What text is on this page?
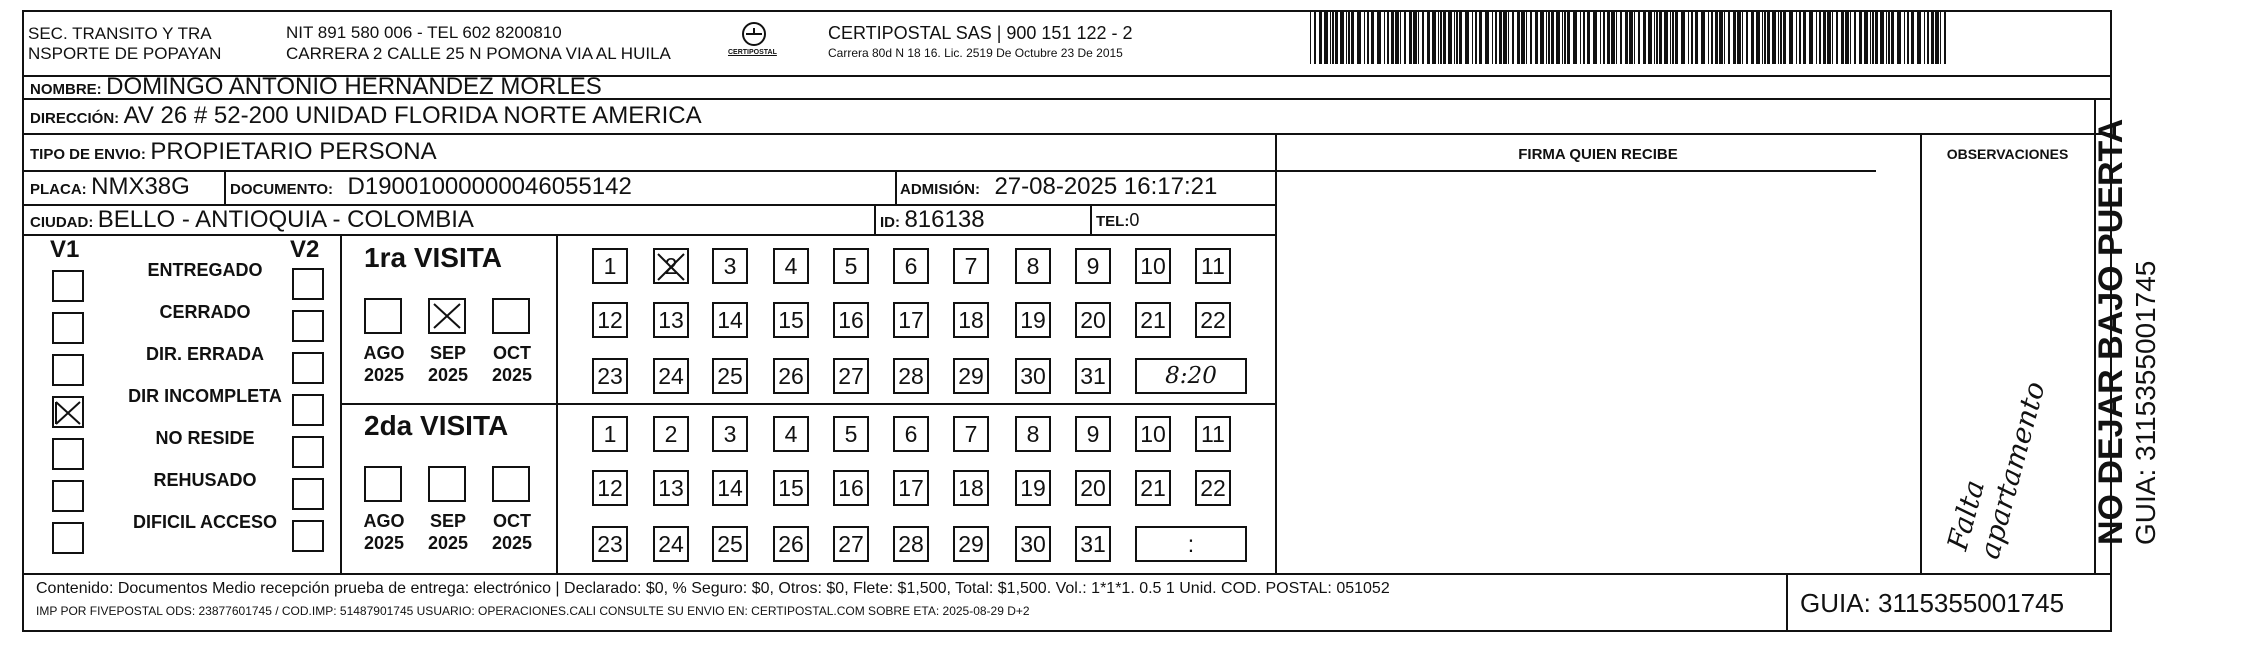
SEC. TRANSITO Y TRA
NSPORTE DE POPAYAN
NIT 891 580 006 - TEL 602 8200810
CARRERA 2 CALLE 25 N POMONA VIA AL HUILA	CERTIPOSTAL
CERTIPOSTAL SAS | 900 151 122 - 2
Carrera 80d N 18 16. Lic. 2519 De Octubre 23 De 2015
NOMBRE: DOMINGO ANTONIO HERNANDEZ MORLES
DIRECCIÓN: AV 26 # 52-200 UNIDAD FLORIDA NORTE AMERICA
TIPO DE ENVIO: PROPIETARIO PERSONA
PLACA: NMX38G	DOCUMENTO: D19001000000046055142	ADMISIÓN: 27-08-2025 16:17:21
CIUDAD: BELLO - ANTIOQUIA - COLOMBIA	ID: 816138	TEL:0
FIRMA QUIEN RECIBE	OBSERVACIONES
Falta apartamento
V1	V2
ENTREGADO
CERRADO
DIR. ERRADA
DIR INCOMPLETA
NO RESIDE
REHUSADO
DIFICIL ACCESO
1ra VISITA
AGO
2025
SEP
2025
OCT
2025
1	2	3	4	5	6	7	8	9	10 11
12 13 14 15 16 17 18 19 20 21 22
23 24 25 26 27 28 29 30 31	8:20
2da VISITA
AGO
2025
SEP
2025
OCT
2025
1	2	3	4	5	6	7	8	9	10 11
12 13 14 15 16 17 18 19 20 21 22
23 24 25 26 27 28 29 30 31	:	NO DEJAR BAJO PUERTA GUIA: 3115355001745
Contenido: Documentos Medio recepción prueba de entrega: electrónico | Declarado: $0, % Seguro: $0, Otros: $0, Flete: $1,500, Total: $1,500. Vol.: 1*1*1. 0.5 1 Unid. COD. POSTAL: 051052
IMP POR FIVEPOSTAL ODS: 23877601745 / COD.IMP: 51487901745 USUARIO: OPERACIONES.CALI CONSULTE SU ENVIO EN: CERTIPOSTAL.COM SOBRE ETA: 2025-08-29 D+2	GUIA: 3115355001745
